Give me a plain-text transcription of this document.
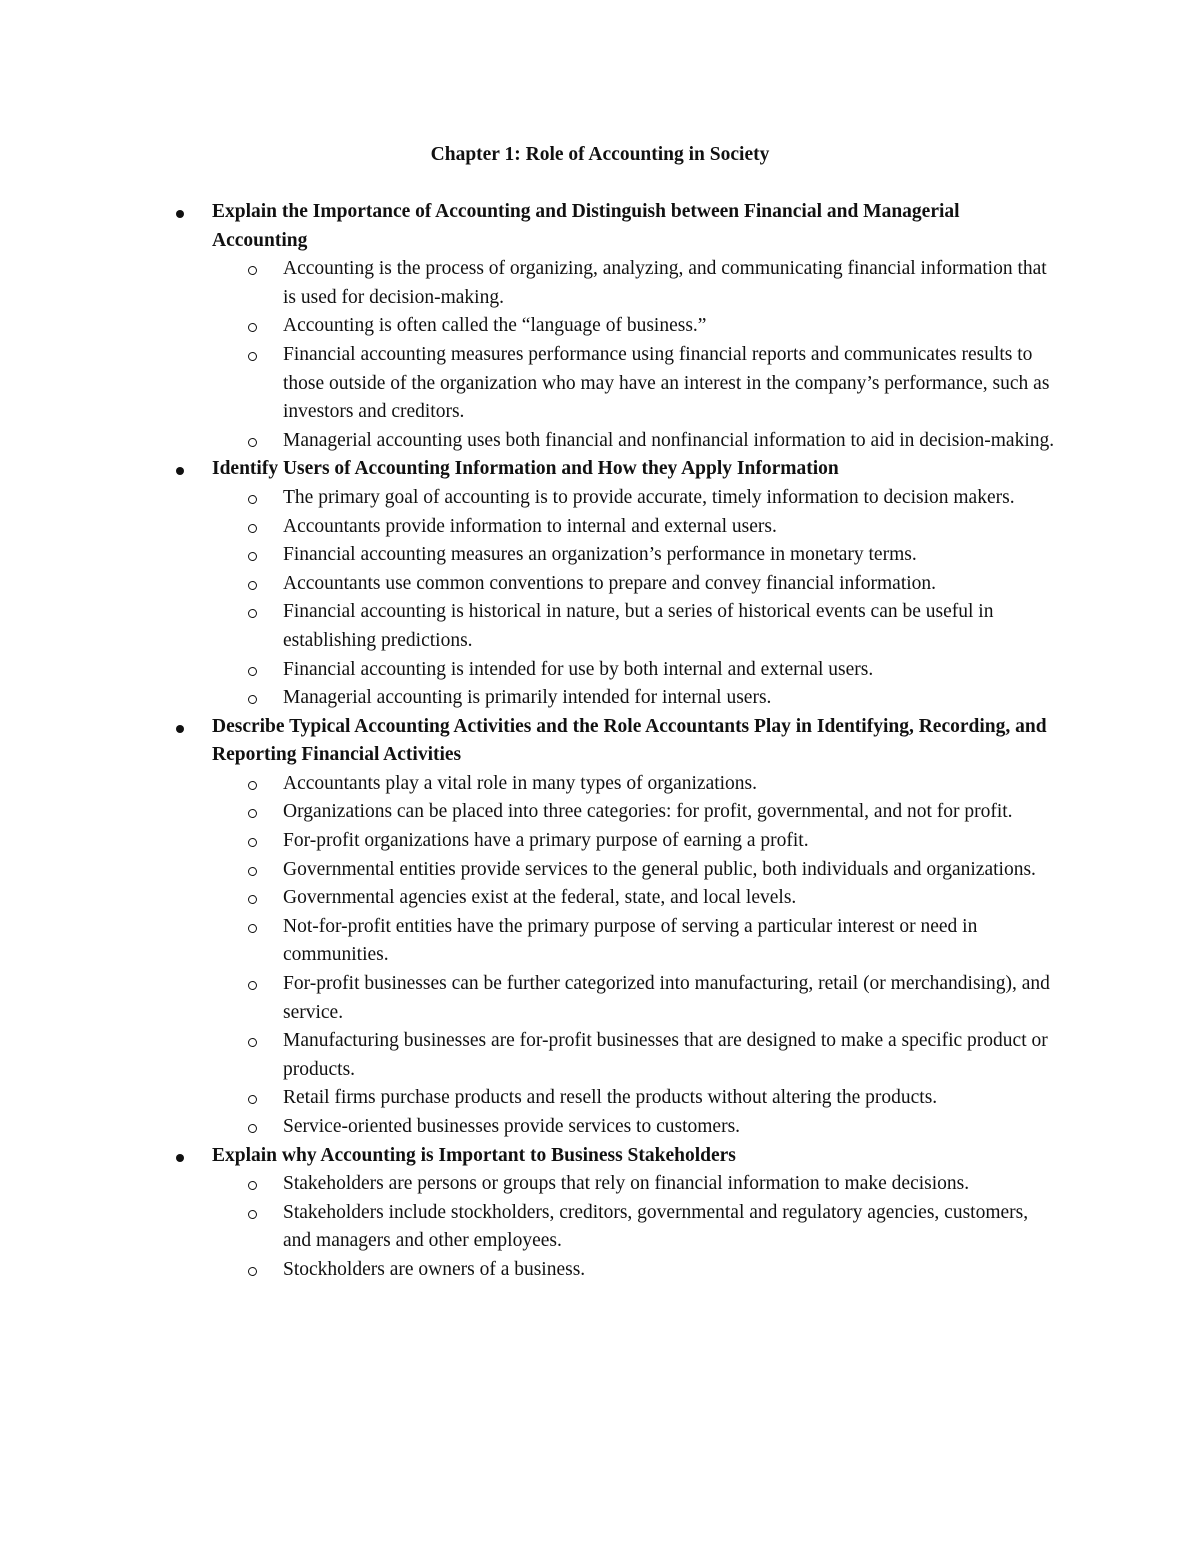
Chapter 1: Role of Accounting in Society
Explain the Importance of Accounting and Distinguish between Financial and Managerial Accounting
Accounting is the process of organizing, analyzing, and communicating financial information that is used for decision-making.
Accounting is often called the “language of business.”
Financial accounting measures performance using financial reports and communicates results to those outside of the organization who may have an interest in the company’s performance, such as investors and creditors.
Managerial accounting uses both financial and nonfinancial information to aid in decision-making.
Identify Users of Accounting Information and How they Apply Information
The primary goal of accounting is to provide accurate, timely information to decision makers.
Accountants provide information to internal and external users.
Financial accounting measures an organization’s performance in monetary terms.
Accountants use common conventions to prepare and convey financial information.
Financial accounting is historical in nature, but a series of historical events can be useful in establishing predictions.
Financial accounting is intended for use by both internal and external users.
Managerial accounting is primarily intended for internal users.
Describe Typical Accounting Activities and the Role Accountants Play in Identifying, Recording, and Reporting Financial Activities
Accountants play a vital role in many types of organizations.
Organizations can be placed into three categories: for profit, governmental, and not for profit.
For-profit organizations have a primary purpose of earning a profit.
Governmental entities provide services to the general public, both individuals and organizations.
Governmental agencies exist at the federal, state, and local levels.
Not-for-profit entities have the primary purpose of serving a particular interest or need in communities.
For-profit businesses can be further categorized into manufacturing, retail (or merchandising), and service.
Manufacturing businesses are for-profit businesses that are designed to make a specific product or products.
Retail firms purchase products and resell the products without altering the products.
Service-oriented businesses provide services to customers.
Explain why Accounting is Important to Business Stakeholders
Stakeholders are persons or groups that rely on financial information to make decisions.
Stakeholders include stockholders, creditors, governmental and regulatory agencies, customers, and managers and other employees.
Stockholders are owners of a business.
